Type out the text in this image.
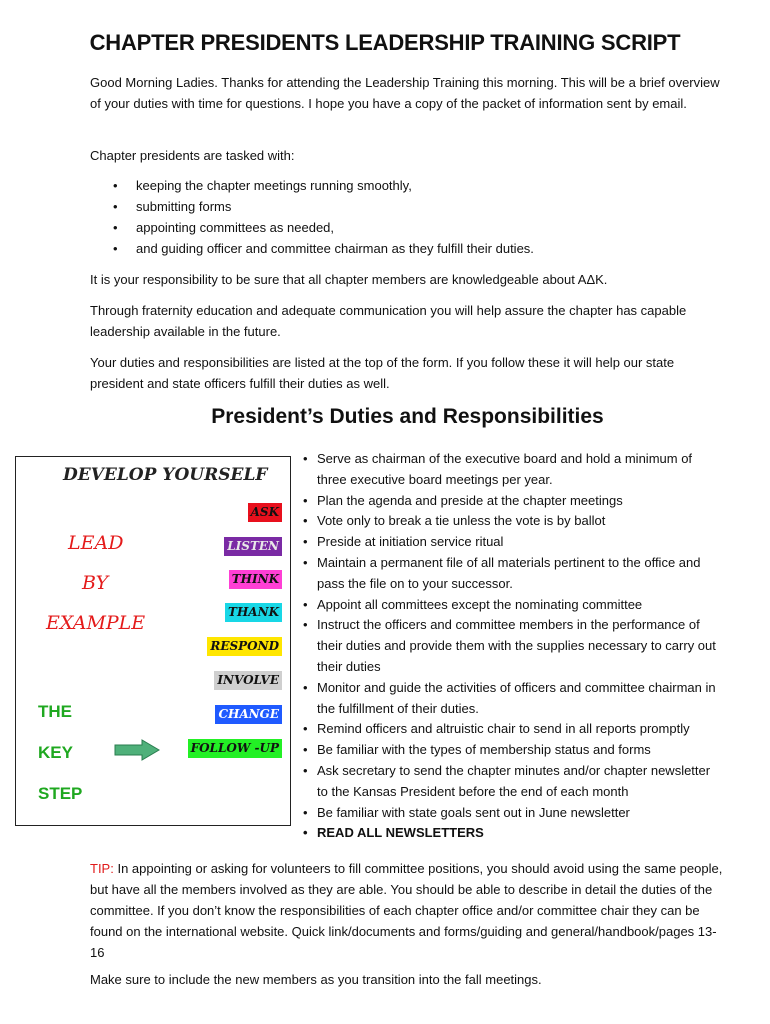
CHAPTER PRESIDENTS LEADERSHIP TRAINING SCRIPT

Good Morning Ladies. Thanks for attending the Leadership Training this morning. This will be a brief overview of your duties with time for questions. I hope you have a copy of the packet of information sent by email.

Chapter presidents are tasked with:

• keeping the chapter meetings running smoothly,
• submitting forms
• appointing committees as needed,
• and guiding officer and committee chairman as they fulfill their duties.

It is your responsibility to be sure that all chapter members are knowledgeable about AΔK.

Through fraternity education and adequate communication you will help assure the chapter has capable leadership available in the future.

Your duties and responsibilities are listed at the top of the form. If you follow these it will help our state president and state officers fulfill their duties as well.

President’s Duties and Responsibilities
DEVELOP YOURSELF
LEAD
BY
EXAMPLE
THE
KEY
STEP
ASK
LISTEN
THINK
THANK
RESPOND
INVOLVE
CHANGE
FOLLOW -UP
• Serve as chairman of the executive board and hold a minimum of three executive board meetings per year.
• Plan the agenda and preside at the chapter meetings
• Vote only to break a tie unless the vote is by ballot
• Preside at initiation service ritual
• Maintain a permanent file of all materials pertinent to the office and pass the file on to your successor.
• Appoint all committees except the nominating committee
• Instruct the officers and committee members in the performance of their duties and provide them with the supplies necessary to carry out their duties
• Monitor and guide the activities of officers and committee chairman in the fulfillment of their duties.
• Remind officers and altruistic chair to send in all reports promptly
• Be familiar with the types of membership status and forms
• Ask secretary to send the chapter minutes and/or chapter newsletter to the Kansas President before the end of each month
• Be familiar with state goals sent out in June newsletter
• READ ALL NEWSLETTERS

TIP: In appointing or asking for volunteers to fill committee positions, you should avoid using the same people, but have all the members involved as they are able. You should be able to describe in detail the duties of the committee. If you don’t know the responsibilities of each chapter office and/or committee chair they can be found on the international website. Quick link/documents and forms/guiding and general/handbook/pages 13-16

Make sure to include the new members as you transition into the fall meetings.
